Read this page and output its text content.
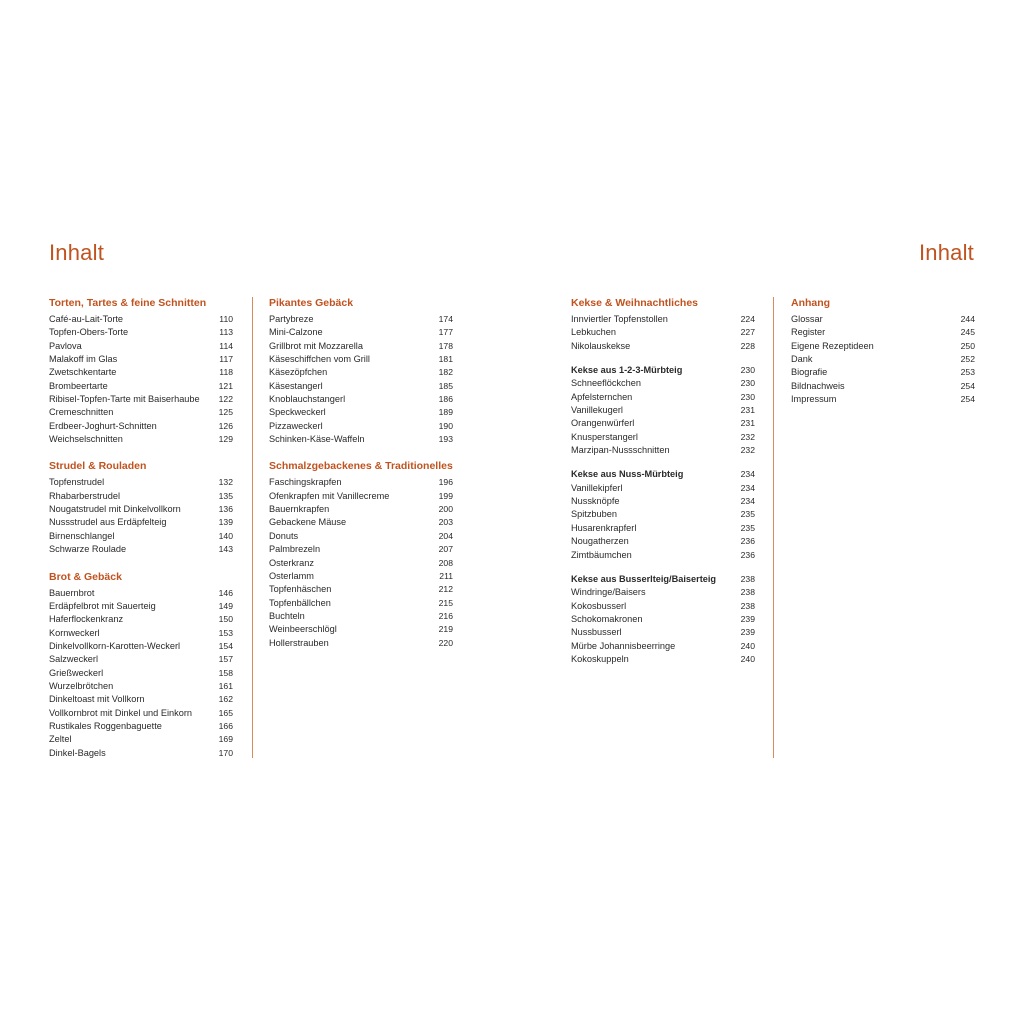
Inhalt	Inhalt
Torten, Tartes & feine Schnitten
Café-au-Lait-Torte	110
Topfen-Obers-Torte	113
Pavlova	114
Malakoff im Glas	117
Zwetschkentarte	118
Brombeertarte	121
Ribisel-Topfen-Tarte mit Baiserhaube 122
Cremeschnitten	125
Erdbeer-Joghurt-Schnitten	126
Weichselschnitten	129
Strudel & Rouladen
Topfenstrudel	132
Rhabarberstrudel	135
Nougatstrudel mit Dinkelvollkorn	136
Nussstrudel aus Erdäpfelteig	139
Birnenschlangel	140
Schwarze Roulade	143
Brot & Gebäck
Bauernbrot	146
Erdäpfelbrot mit Sauerteig	149
Haferflockenkranz	150
Kornweckerl	153
Dinkelvollkorn-Karotten-Weckerl	154
Salzweckerl	157
Grießweckerl	158
Wurzelbrötchen	161
Dinkeltoast mit Vollkorn	162
Vollkornbrot mit Dinkel und Einkorn	165
Rustikales Roggenbaguette	166
Zeltel	169
Dinkel-Bagels	170
Pikantes Gebäck
Partybreze	174
Mini-Calzone	177
Grillbrot mit Mozzarella	178
Käseschiffchen vom Grill	181
Käsezöpfchen	182
Käsestangerl	185
Knoblauchstangerl	186
Speckweckerl	189
Pizzaweckerl	190
Schinken-Käse-Waffeln	193
Schmalzgebackenes & Traditionelles
Faschingskrapfen	196
Ofenkrapfen mit Vanillecreme	199
Bauernkrapfen	200
Gebackene Mäuse	203
Donuts	204
Palmbrezeln	207
Osterkranz	208
Osterlamm	211
Topfenhäschen	212
Topfenbällchen	215
Buchteln	216
Weinbeerschlögl	219
Hollerstrauben	220
Kekse & Weihnachtliches
Innviertler Topfenstollen	224
Lebkuchen	227
Nikolauskekse	228
Kekse aus 1-2-3-Mürbteig	230
Schneeflöckchen	230
Apfelsternchen	230
Vanillekugerl	231
Orangenwürferl	231
Knusperstangerl	232
Marzipan-Nussschnitten	232
Kekse aus Nuss-Mürbteig	234
Vanillekipferl	234
Nussknöpfe	234
Spitzbuben	235
Husarenkrapferl	235
Nougatherzen	236
Zimtbäumchen	236
Kekse aus Busserlteig/Baiserteig	238
Windringe/Baisers	238
Kokosbusserl	238
Schokomakronen	239
Nussbusserl	239
Mürbe Johannisbeerringe	240
Kokoskuppeln	240
Anhang
Glossar	244
Register	245
Eigene Rezeptideen	250
Dank	252
Biografie	253
Bildnachweis	254
Impressum	254
